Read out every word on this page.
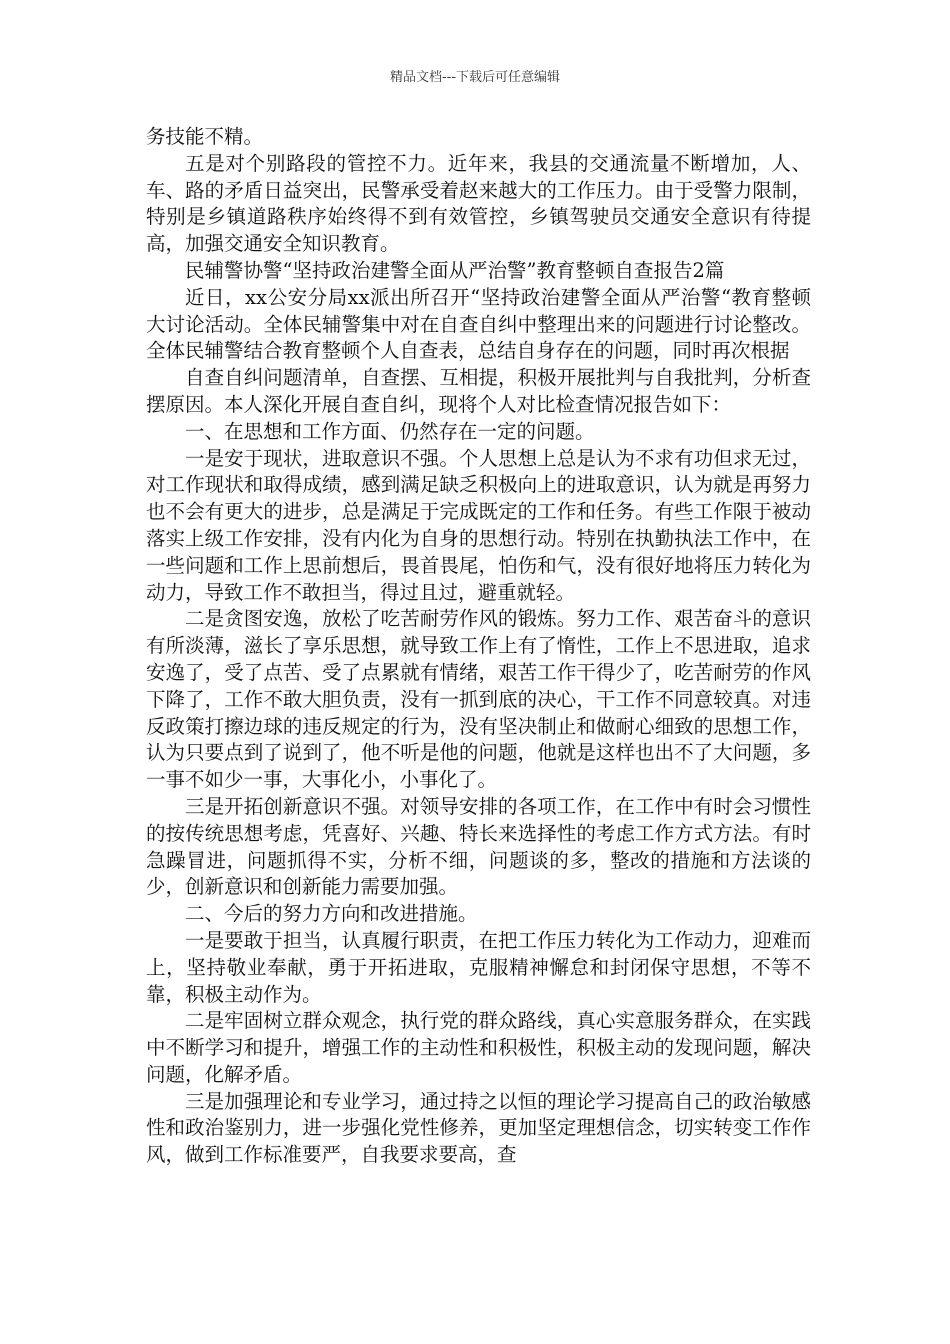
精品文档---下载后可任意编辑

务技能不精。

五是对个别路段的管控不力。近年来，我县的交通流量不断增加，人、车、路的矛盾日益突出，民警承受着赵来越大的工作压力。由于受警力限制，特别是乡镇道路秩序始终得不到有效管控，乡镇驾驶员交通安全意识有待提高，加强交通安全知识教育。

民辅警协警“坚持政治建警全面从严治警”教育整顿自查报告2篇

近日，xx公安分局xx派出所召开“坚持政治建警全面从严治警“教育整顿大讨论活动。全体民辅警集中对在自查自纠中整理出来的问题进行讨论整改。全体民辅警结合教育整顿个人自查表，总结自身存在的问题，同时再次根据

自查自纠问题清单，自查摆、互相提，积极开展批判与自我批判，分析查摆原因。本人深化开展自查自纠，现将个人对比检查情况报告如下：

一、在思想和工作方面、仍然存在一定的问题。

一是安于现状，进取意识不强。个人思想上总是认为不求有功但求无过，对工作现状和取得成绩，感到满足缺乏积极向上的进取意识，认为就是再努力也不会有更大的进步，总是满足于完成既定的工作和任务。有些工作限于被动落实上级工作安排，没有内化为自身的思想行动。特别在执勤执法工作中，在一些问题和工作上思前想后，畏首畏尾，怕伤和气，没有很好地将压力转化为动力，导致工作不敢担当，得过且过，避重就轻。

二是贪图安逸，放松了吃苦耐劳作风的锻炼。努力工作、艰苦奋斗的意识有所淡薄，滋长了享乐思想，就导致工作上有了惰性，工作上不思进取，追求安逸了，受了点苦、受了点累就有情绪，艰苦工作干得少了，吃苦耐劳的作风下降了，工作不敢大胆负责，没有一抓到底的决心，干工作不同意较真。对违反政策打擦边球的违反规定的行为，没有坚决制止和做耐心细致的思想工作，认为只要点到了说到了，他不听是他的问题，他就是这样也出不了大问题，多一事不如少一事，大事化小，小事化了。

三是开拓创新意识不强。对领导安排的各项工作，在工作中有时会习惯性的按传统思想考虑，凭喜好、兴趣、特长来选择性的考虑工作方式方法。有时急躁冒进，问题抓得不实，分析不细，问题谈的多，整改的措施和方法谈的少，创新意识和创新能力需要加强。

二、今后的努力方向和改进措施。

一是要敢于担当，认真履行职责，在把工作压力转化为工作动力，迎难而上，坚持敬业奉献，勇于开拓进取，克服精神懈怠和封闭保守思想，不等不靠，积极主动作为。

二是牢固树立群众观念，执行党的群众路线，真心实意服务群众，在实践中不断学习和提升，增强工作的主动性和积极性，积极主动的发现问题，解决问题，化解矛盾。

三是加强理论和专业学习，通过持之以恒的理论学习提高自己的政治敏感性和政治鉴别力，进一步强化党性修养，更加坚定理想信念，切实转变工作作风，做到工作标准要严，自我要求要高，查
